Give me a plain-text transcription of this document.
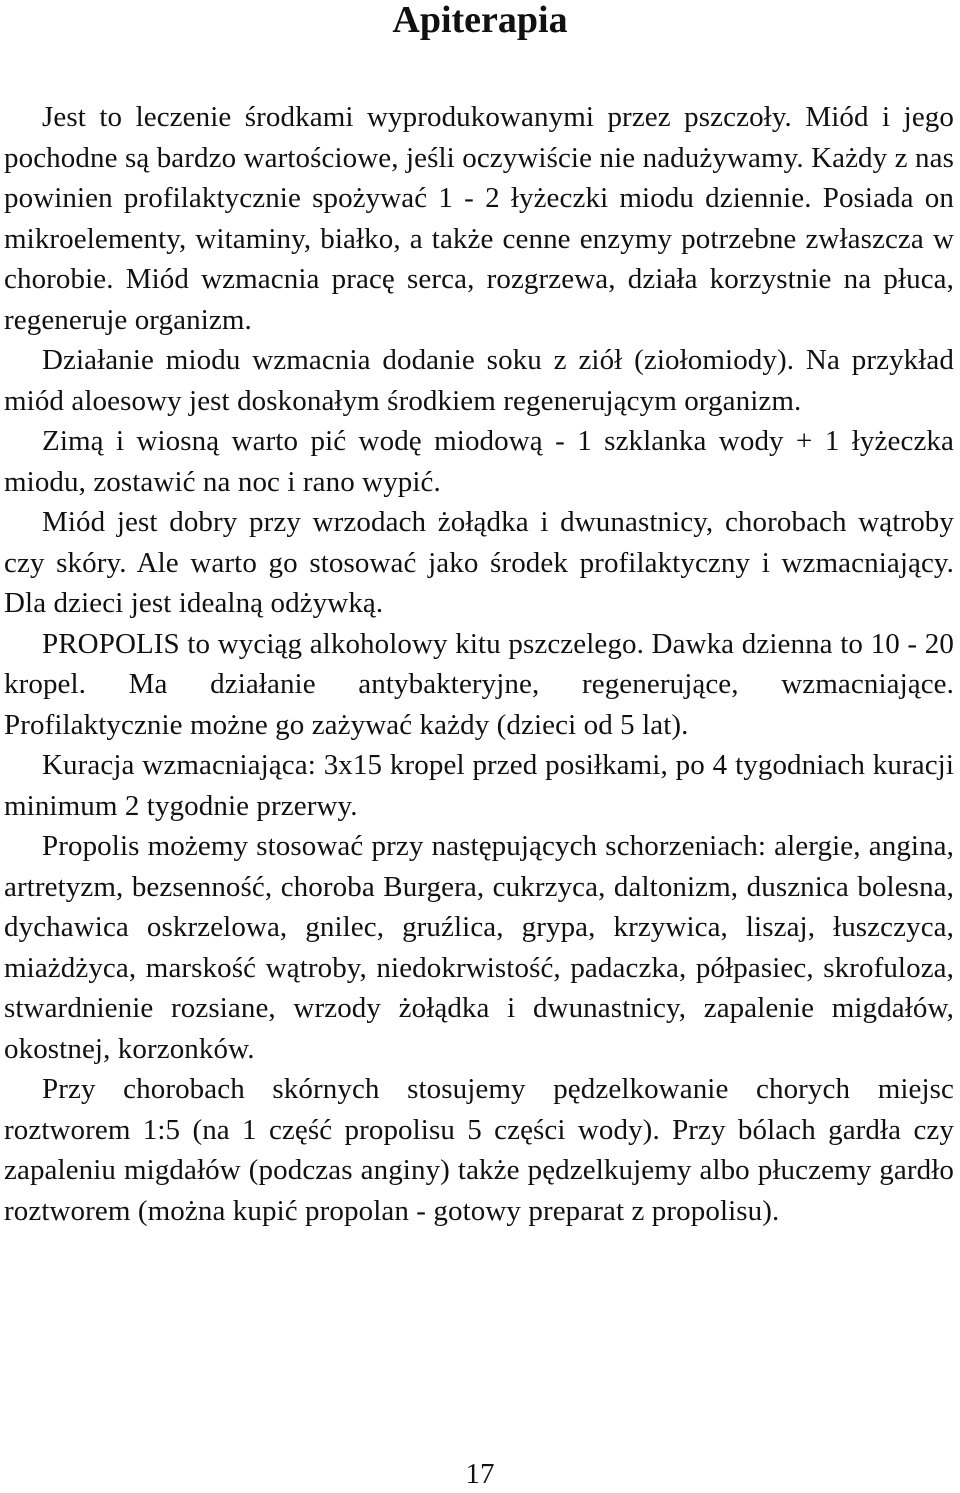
Apiterapia

Jest to leczenie środkami wyprodukowanymi przez pszczoły. Miód i jego pochodne są bardzo wartościowe, jeśli oczywiście nie nadużywamy. Każdy z nas powinien profilaktycznie spożywać 1 - 2 łyżeczki miodu dziennie. Posiada on mikroelementy, witaminy, białko, a także cenne enzymy potrzebne zwłaszcza w chorobie. Miód wzmacnia pracę serca, rozgrzewa, działa korzystnie na płuca, regeneruje organizm.

Działanie miodu wzmacnia dodanie soku z ziół (ziołomiody). Na przykład miód aloesowy jest doskonałym środkiem regenerującym organizm.

Zimą i wiosną warto pić wodę miodową - 1 szklanka wody + 1 łyżeczka miodu, zostawić na noc i rano wypić.

Miód jest dobry przy wrzodach żołądka i dwunastnicy, chorobach wątroby czy skóry. Ale warto go stosować jako środek profilaktyczny i wzmacniający. Dla dzieci jest idealną odżywką.

PROPOLIS to wyciąg alkoholowy kitu pszczelego. Dawka dzienna to 10 - 20 kropel. Ma działanie antybakteryjne, regenerujące, wzmacniające. Profilaktycznie możne go zażywać każdy (dzieci od 5 lat).

Kuracja wzmacniająca: 3x15 kropel przed posiłkami, po 4 tygodniach kuracji minimum 2 tygodnie przerwy.

Propolis możemy stosować przy następujących schorzeniach: alergie, angina, artretyzm, bezsenność, choroba Burgera, cukrzyca, daltonizm, dusznica bolesna, dychawica oskrzelowa, gnilec, gruźlica, grypa, krzywica, liszaj, łuszczyca, miażdżyca, marskość wątroby, niedokrwistość, padaczka, półpasiec, skrofuloza, stwardnienie rozsiane, wrzody żołądka i dwunastnicy, zapalenie migdałów, okostnej, korzonków.

Przy chorobach skórnych stosujemy pędzelkowanie chorych miejsc roztworem 1:5 (na 1 część propolisu 5 części wody). Przy bólach gardła czy zapaleniu migdałów (podczas anginy) także pędzelkujemy albo płuczemy gardło roztworem (można kupić propolan - gotowy preparat z propolisu).

17
